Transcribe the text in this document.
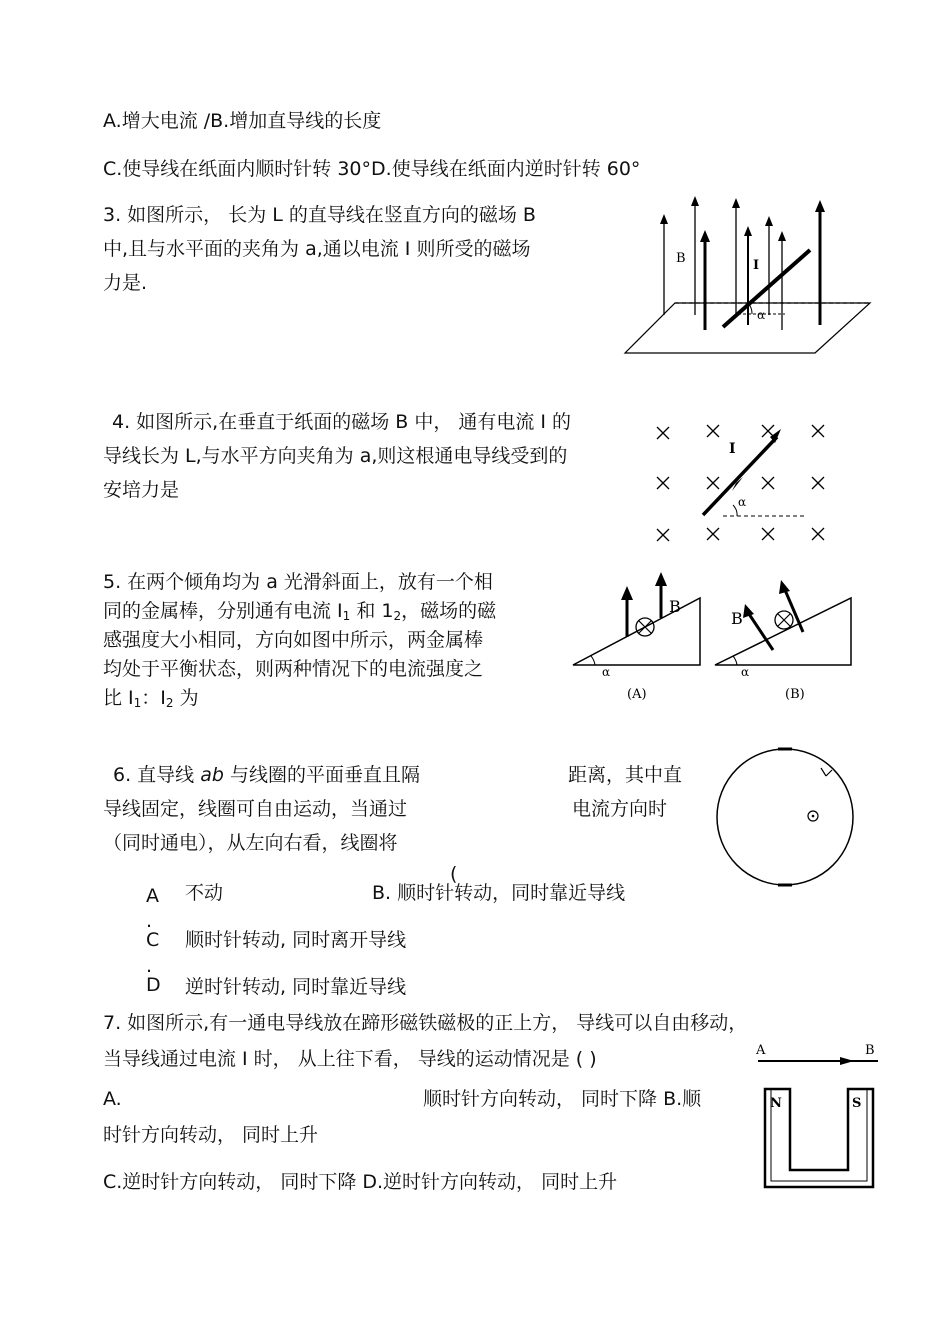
A.增大电流 /B.增加直导线的长度
C.使导线在纸面内顺时针转 30°D.使导线在纸面内逆时针转 60°
3. 如图所示， 长为 L 的直导线在竖直方向的磁场 B
中,且与水平面的夹角为 a,通以电流 I 则所受的磁场
力是.
B	I
α
4. 如图所示,在垂直于纸面的磁场 B 中， 通有电流 I 的
导线长为 L,与水平方向夹角为 a,则这根通电导线受到的
安培力是
I
α
5. 在两个倾角均为 a 光滑斜面上，放有一个相
同的金属棒，分别通有电流 $I_1$ 和 $1_2$，磁场的磁
感强度大小相同，方向如图中所示，两金属棒
均处于平衡状态，则两种情况下的电流强度之
比 $I_1$：$I_2$ 为
α
B
(A)
α
B
(B)
6. 直导线 ab 与线圈的平面垂直且隔	距离，其中直
导线固定，线圈可自由运动，当通过	电流方向时
（同时通电），从左向右看，线圈将
(
A 不动	B. 顺时针转动，同时靠近导线
.
C 顺时针转动, 同时离开导线
.
D 逆时针转动, 同时靠近导线
7. 如图所示,有一通电导线放在蹄形磁铁磁极的正上方， 导线可以自由移动，
当导线通过电流 I 时， 从上往下看， 导线的运动情况是 ( )
A.	顺时针方向转动， 同时下降 B.顺
时针方向转动， 同时上升
C.逆时针方向转动， 同时下降 D.逆时针方向转动， 同时上升
A	B
N	S
